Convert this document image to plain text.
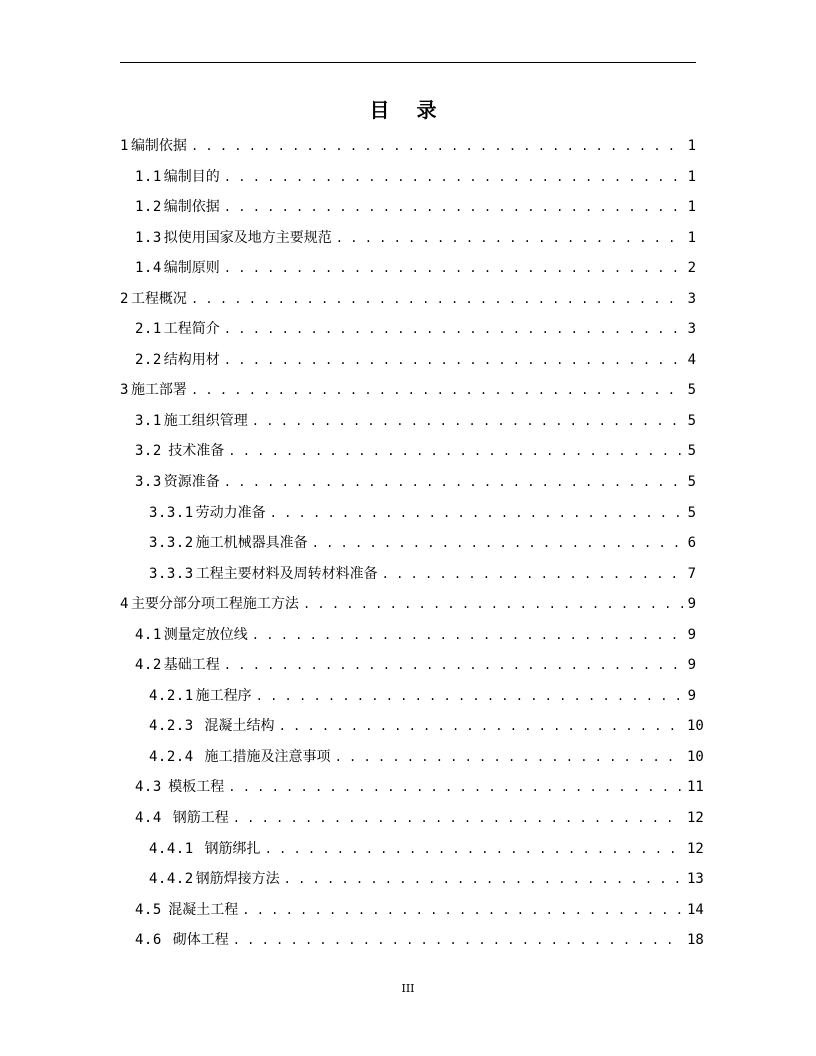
目 录
1 编制依据 . . .	1
1.1 编制目的 . . .	1
1.2 编制依据 . . .	1
1.3 拟使用国家及地方主要规范 . . .	1
1.4 编制原则 . . .	2
2 工程概况 . . .	3
2.1 工程简介 . . .	3
2.2 结构用材 . . .	4
3 施工部署 . . .	5
3.1 施工组织管理 . . .	5
3.2 技术准备 . . .	5
3.3 资源准备 . . .	5
3.3.1 劳动力准备 . . .	5
3.3.2 施工机械器具准备 . . .	6
3.3.3 工程主要材料及周转材料准备 . . .	7
4 主要分部分项工程施工方法 . . .	9
4.1 测量定放位线 . . .	9
4.2 基础工程 . . .	9
4.2.1 施工程序 . . .	9
4.2.3 混凝土结构 . . .	10
4.2.4 施工措施及注意事项 . . .	10
4.3 模板工程 . . .	11
4.4 钢筋工程 . . .	12
4.4.1 钢筋绑扎 . . .	12
4.4.2 钢筋焊接方法 . . .	13
4.5 混凝土工程 . . .	14
4.6 砌体工程 . . .	18
III
